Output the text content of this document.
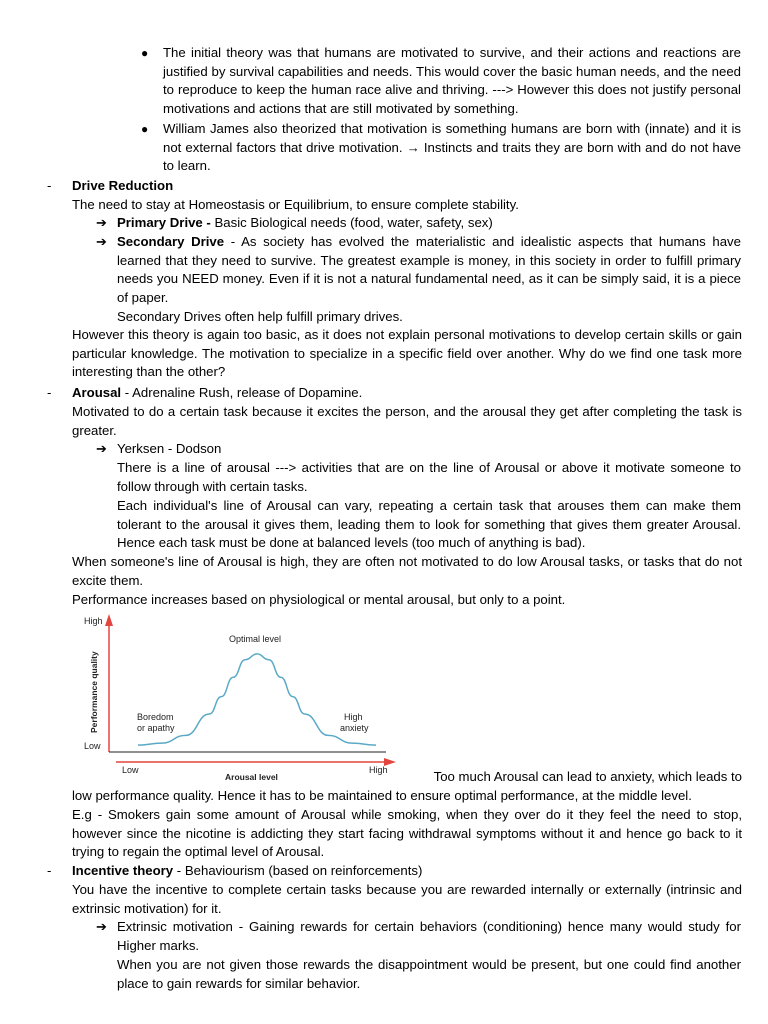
● The initial theory was that humans are motivated to survive, and their actions and reactions are justified by survival capabilities and needs. This would cover the basic human needs, and the need to reproduce to keep the human race alive and thriving. ---> However this does not justify personal motivations and actions that are still motivated by something.
● William James also theorized that motivation is something humans are born with (innate) and it is not external factors that drive motivation. → Instincts and traits they are born with and do not have to learn.
- Drive Reduction
The need to stay at Homeostasis or Equilibrium, to ensure complete stability.
➔ Primary Drive - Basic Biological needs (food, water, safety, sex)
➔ Secondary Drive - As society has evolved the materialistic and idealistic aspects that humans have learned that they need to survive. The greatest example is money, in this society in order to fulfill primary needs you NEED money. Even if it is not a natural fundamental need, as it can be simply said, it is a piece of paper.
Secondary Drives often help fulfill primary drives.
However this theory is again too basic, as it does not explain personal motivations to develop certain skills or gain particular knowledge. The motivation to specialize in a specific field over another. Why do we find one task more interesting than the other?
- Arousal - Adrenaline Rush, release of Dopamine.
Motivated to do a certain task because it excites the person, and the arousal they get after completing the task is greater.
➔ Yerksen - Dodson
There is a line of arousal ---> activities that are on the line of Arousal or above it motivate someone to follow through with certain tasks.
Each individual's line of Arousal can vary, repeating a certain task that arouses them can make them tolerant to the arousal it gives them, leading them to look for something that gives them greater Arousal. Hence each task must be done at balanced levels (too much of anything is bad).
When someone's line of Arousal is high, they are often not motivated to do low Arousal tasks, or tasks that do not excite them.
Performance increases based on physiological or mental arousal, but only to a point.
High
Low
Low	High
Arousal level
Performance quality
Optimal level
Boredom
or apathy
High
anxiety
Too much Arousal can lead to anxiety, which leads to
low performance quality. Hence it has to be maintained to ensure optimal performance, at the middle level.
E.g - Smokers gain some amount of Arousal while smoking, when they over do it they feel the need to stop, however since the nicotine is addicting they start facing withdrawal symptoms without it and hence go back to it trying to regain the optimal level of Arousal.
- Incentive theory - Behaviourism (based on reinforcements)
You have the incentive to complete certain tasks because you are rewarded internally or externally (intrinsic and extrinsic motivation) for it.
➔ Extrinsic motivation - Gaining rewards for certain behaviors (conditioning) hence many would study for Higher marks.
When you are not given those rewards the disappointment would be present, but one could find another place to gain rewards for similar behavior.
